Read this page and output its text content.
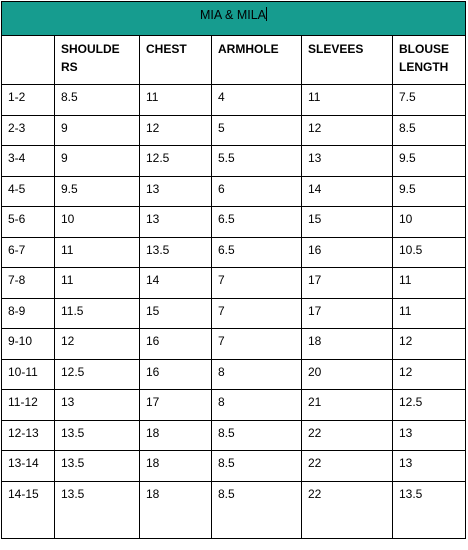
MIA & MILA					

	SHOULDERS	CHEST	ARMHOLE	SLEVEES	BLOUSE LENGTH

1-2	8.5	11	4	11	7.5

2-3	9	12	5	12	8.5

3-4	9	12.5	5.5	13	9.5

4-5	9.5	13	6	14	9.5

5-6	10	13	6.5	15	10

6-7	11	13.5	6.5	16	10.5

7-8	11	14	7	17	11

8-9	11.5	15	7	17	11

9-10	12	16	7	18	12

10-11	12.5	16	8	20	12

11-12	13	17	8	21	12.5

12-13	13.5	18	8.5	22	13

13-14	13.5	18	8.5	22	13

14-15	13.5	18	8.5	22	13.5
